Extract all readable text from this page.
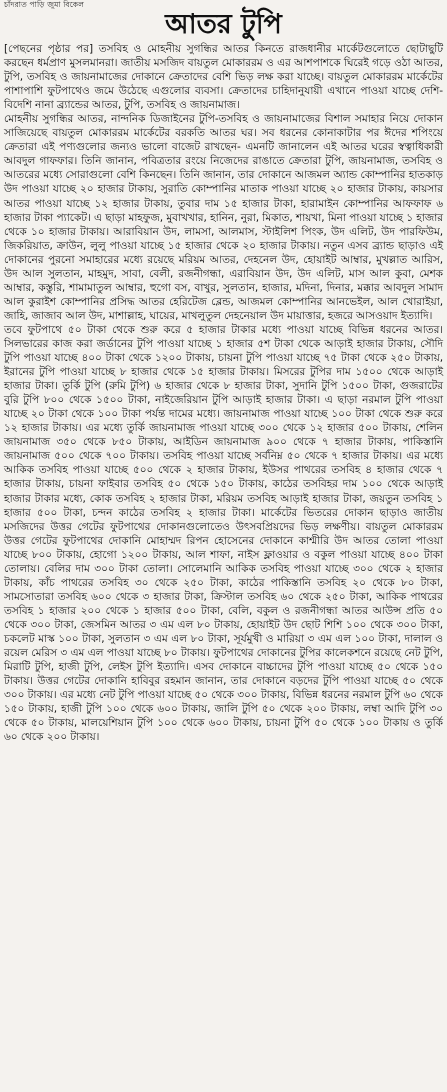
চাঁদরাত পাড়ি জুমা বিকেল
আতর টুপি

[পেছনের পৃষ্ঠার পর] তসবিহ ও মোহনীয় সুগন্ধির আতর কিনতে রাজধানীর মার্কেটগুলোতে ছোটাছুটি করছেন ধর্মপ্রাণ মুসলমানরা। জাতীয় মসজিদ বায়তুল মোকাররম ও এর আশপাশকে ঘিরেই গড়ে ওঠা আতর, টুপি, তসবিহ ও জায়নামাজের দোকানে ক্রেতাদের বেশি ভিড় লক্ষ করা যাচ্ছে। বায়তুল মোকাররম মার্কেটের পাশাপাশি ফুটপাথেও জমে উঠেছে এগুলোর ব্যবসা। ক্রেতাদের চাহিদানুযায়ী এখানে পাওয়া যাচ্ছে দেশি-বিদেশি নানা ব্র্যান্ডের আতর, টুপি, তসবিহ ও জায়নামাজ।

মোহনীয় সুগন্ধির আতর, নান্দনিক ডিজাইনের টুপি-তসবিহ ও জায়নামাজের বিশাল সমাহার নিয়ে দোকান সাজিয়েছে বায়তুল মোকাররম মার্কেটের বরকতি আতর ঘর। সব ধরনের কোনাকাটার পর ঈদের শপিংয়ে ক্রেতারা এই পণ্যগুলোর জন্যও ভালো বাজেট রাখছেন- এমনটি জানালেন এই আতর ঘরের স্বত্বাধিকারী আবদুল গাফফার। তিনি জানান, পবিত্রতার রংয়ে নিজেদের রাঙাতে ক্রেতারা টুপি, জায়নামাজ, তসবিহ ও আতরের মধ্যে সোরাগুলো বেশি কিনছেন। তিনি জানান, তার দোকানে আজমল অ্যান্ড কোম্পানির হাতকাড় উদ পাওয়া যাচ্ছে ২০ হাজার টাকায়, সুরাতি কোম্পানির মাতাক পাওয়া যাচ্ছে ২০ হাজার টাকায়, কায়সার আতর পাওয়া যাচ্ছে ১২ হাজার টাকায়, তুবার দাম ১৫ হাজার টাকা, হারামাইন কোম্পানির আফফাফ ৬ হাজার টাকা প্যাকেট। এ ছাড়া মাহফুজ, মুবাখখার, হানিন, নুরা, মিকাত, শায়খা, মিনা পাওয়া যাচ্ছে ১ হাজার থেকে ১০ হাজার টাকায়। আরাবিয়ান উদ, লামসা, আলমাস, স্টাইলিশ পিংক, উদ এলিট, উদ পারফিউম, জিকরিয়াত, ক্রাউন, লুলু পাওয়া যাচ্ছে ১৫ হাজার থেকে ২০ হাজার টাকায়। নতুন এসব ব্র্যান্ড ছাড়াও এই দোকানের পুরনো সমাহারের মধ্যে রয়েছে মরিয়ম আতর, দেহনেল উদ, হোয়াইট আম্বার, মুখল্লাত আরিস, উদ আল সুলতান, মাহমুদ, সাবা, বেলী, রজনীগন্ধা, এরাবিয়ান উদ, উদ এলিট, মাস আল কুবা, মেশক আম্বার, কস্তুরি, শামামাতুল আম্বার, হুগো বস, বাখুর, সুলতান, হাজার, মদিনা, দিনার, মক্কার আবদুল সামাদ আল কুরাইশ কোম্পানির প্রসিদ্ধ আতর হেরিটেজ ব্লেন্ড, আজমল কোম্পানির আনভেইল, আল খোরাইয়া, জাহি, জাজাব আল উদ, মাশাল্লাহ, ঘায়ের, মাখলুতুল দেহনেয়াল উদ মায়াত্তার, হজরে আসওয়াদ ইত্যাদি।

তবে ফুটপাথে ৫০ টাকা থেকে শুরু করে ৫ হাজার টাকার মধ্যে পাওয়া যাচ্ছে বিভিন্ন ধরনের আতর। সিলভারের কাজ করা জর্ডানের টুপি পাওয়া যাচ্ছে ১ হাজার ৫শ টাকা থেকে আড়াই হাজার টাকায়, সৌদি টুপি পাওয়া যাচ্ছে ৪০০ টাকা থেকে ১২০০ টাকায়, চায়না টুপি পাওয়া যাচ্ছে ৭৫ টাকা থেকে ২৫০ টাকায়, ইরানের টুপি পাওয়া যাচ্ছে ৮ হাজার থেকে ১৫ হাজার টাকায়। মিসরের টুপির দাম ১৫০০ থেকে আড়াই হাজার টাকা। তুর্কি টুপি (রুমি টুপি) ৬ হাজার থেকে ৮ হাজার টাকা, সুদানি টুপি ১৫০০ টাকা, গুজরাটের বুরি টুপি ৮০০ থেকে ১৫০০ টাকা, নাইজেরিয়ান টুপি আড়াই হাজার টাকা। এ ছাড়া নরমাল টুপি পাওয়া যাচ্ছে ২০ টাকা থেকে ১০০ টাকা পর্যন্ত দামের মধ্যে। জায়নামাজ পাওয়া যাচ্ছে ১০০ টাকা থেকে শুরু করে ১২ হাজার টাকায়। এর মধ্যে তুর্কি জায়নামাজ পাওয়া যাচ্ছে ৩০০ থেকে ১২ হাজার ৫০০ টাকায়, শেলিন জায়নামাজ ৩৫০ থেকে ৮৫০ টাকায়, আইডিন জায়নামাজ ৯০০ থেকে ৭ হাজার টাকায়, পাকিস্তানি জায়নামাজ ৫০০ থেকে ৭০০ টাকায়। তসবিহ পাওয়া যাচ্ছে সর্বনিম্ন ৫০ থেকে ৭ হাজার টাকায়। এর মধ্যে আকিক তসবিহ পাওয়া যাচ্ছে ৫০০ থেকে ২ হাজার টাকায়, ইউসর পাথরের তসবিহ ৪ হাজার থেকে ৭ হাজার টাকায়, চায়না ফাইবার তসবিহ ৫০ থেকে ১৫০ টাকায়, কাঠের তসবিহর দাম ১০০ থেকে আড়াই হাজার টাকার মধ্যে, কোক তসবিহ ২ হাজার টাকা, মরিয়ম তসবিহ আড়াই হাজার টাকা, জয়তুন তসবিহ ১ হাজার ৫০০ টাকা, চন্দন কাঠের তসবিহ ২ হাজার টাকা। মার্কেটের ভিতরের দোকান ছাড়াও জাতীয় মসজিদের উত্তর গেটের ফুটপাথের দোকানগুলোতেও উৎসবপ্রিয়দের ভিড় লক্ষণীয়। বায়তুল মোকাররম উত্তর গেটের ফুটপাথের দোকানি মোহাম্মদ রিপন হোসেনের দোকানে কাশ্মীরি উদ আতর তোলা পাওয়া যাচ্ছে ৮০০ টাকায়, হোগো ১২০০ টাকায়, আল শাফা, নাইস ফ্লাওয়ার ও বকুল পাওয়া যাচ্ছে ৪০০ টাকা তোলায়। বেলির দাম ৩০০ টাকা তোলা। সোলেমানি আকিক তসবিহ পাওয়া যাচ্ছে ৩০০ থেকে ২ হাজার টাকায়, কাঁচ পাথরের তসবিহ ৩০ থেকে ২৫০ টাকা, কাঠের পাকিস্তানি তসবিহ ২০ থেকে ৮০ টাকা, সামসোতারা তসবিহ ৬০০ থেকে ৩ হাজার টাকা, ক্রিস্টাল তসবিহ ৬০ থেকে ২৫০ টাকা, আকিক পাথরের তসবিহ ১ হাজার ২০০ থেকে ১ হাজার ৫০০ টাকা, বেলি, বকুল ও রজনীগন্ধা আতর আউন্স প্রতি ৫০ থেকে ৩০০ টাকা, জেসমিন আতর ৩ এম এল ৮০ টাকায়, হোয়াইট উদ ছোট শিশি ১০০ থেকে ৩০০ টাকা, চকলেট মাস্ক ১০০ টাকা, সুলতান ৩ এম এল ৮০ টাকা, সূর্যমুখী ও মারিয়া ৩ এম এল ১০০ টাকা, দালাল ও রয়েল মেরিস ৩ এম এল পাওয়া যাচ্ছে ৮০ টাকায়। ফুটপাথের দোকানের টুপির কালেকশনে রয়েছে নেট টুপি, মিরাটি টুপি, হাজী টুপি, লেইস টুপি ইত্যাদি। এসব দোকানে বাচ্চাদের টুপি পাওয়া যাচ্ছে ৫০ থেকে ১৫০ টাকায়। উত্তর গেটের দোকানি হাবিবুর রহমান জানান, তার দোকানে বড়দের টুপি পাওয়া যাচ্ছে ৫০ থেকে ৩০০ টাকায়। এর মধ্যে নেট টুপি পাওয়া যাচ্ছে ৫০ থেকে ৩০০ টাকায়, বিভিন্ন ধরনের নরমাল টুপি ৬০ থেকে ১৫০ টাকায়, হাজী টুপি ১০০ থেকে ৬০০ টাকায়, জালি টুপি ৫০ থেকে ২০০ টাকায়, লম্বা আদি টুপি ৩০ থেকে ৫০ টাকায়, মালয়েশিয়ান টুপি ১০০ থেকে ৬০০ টাকায়, চায়না টুপি ৫০ থেকে ১০০ টাকায় ও তুর্কি ৬০ থেকে ২০০ টাকায়।
